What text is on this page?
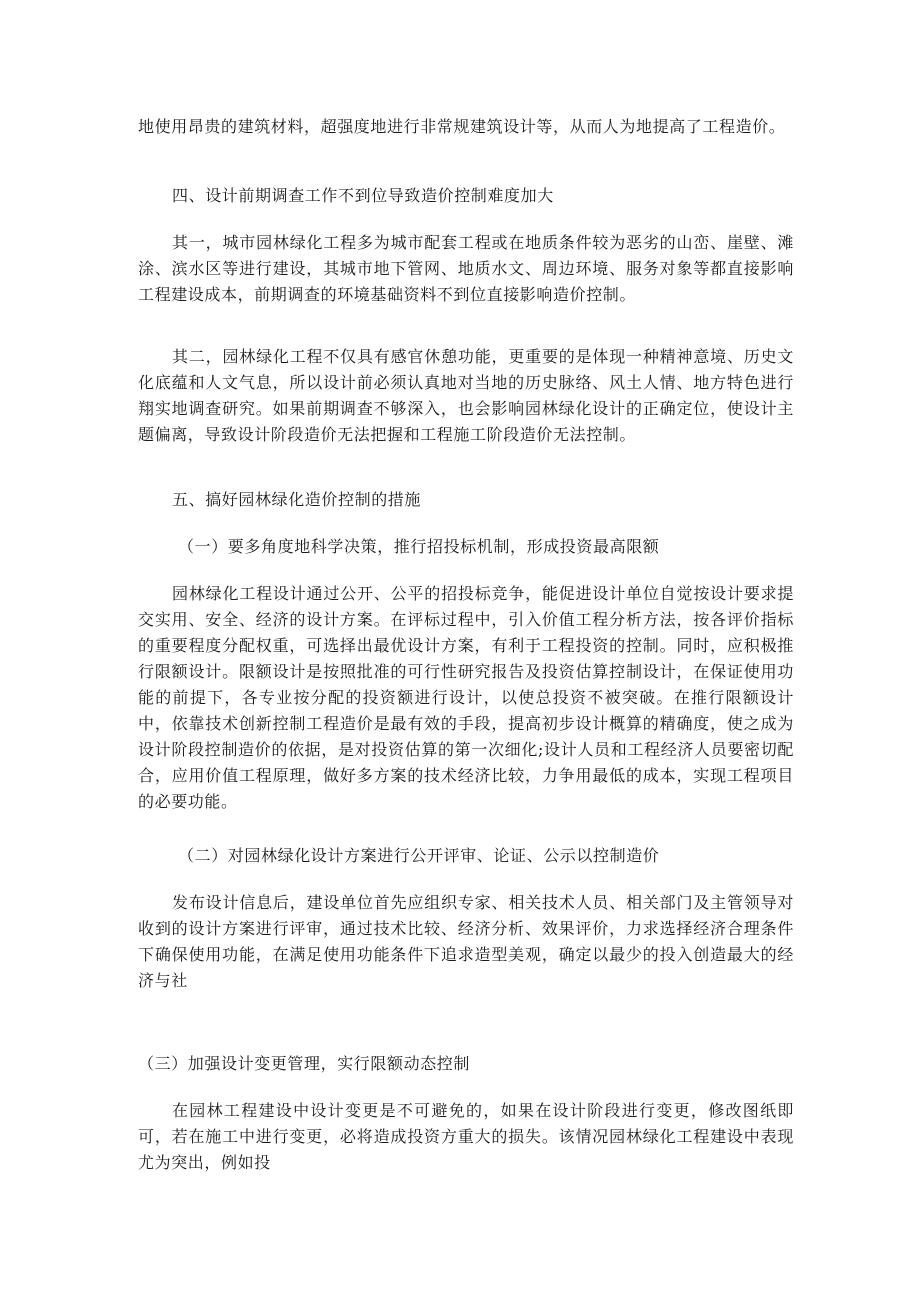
地使用昂贵的建筑材料，超强度地进行非常规建筑设计等，从而人为地提高了工程造价。

四、设计前期调查工作不到位导致造价控制难度加大

其一，城市园林绿化工程多为城市配套工程或在地质条件较为恶劣的山峦、崖壁、滩涂、滨水区等进行建设，其城市地下管网、地质水文、周边环境、服务对象等都直接影响工程建设成本，前期调查的环境基础资料不到位直接影响造价控制。

其二，园林绿化工程不仅具有感官休憩功能，更重要的是体现一种精神意境、历史文化底蕴和人文气息，所以设计前必须认真地对当地的历史脉络、风土人情、地方特色进行翔实地调查研究。如果前期调查不够深入，也会影响园林绿化设计的正确定位，使设计主题偏离，导致设计阶段造价无法把握和工程施工阶段造价无法控制。

五、搞好园林绿化造价控制的措施

（一）要多角度地科学决策，推行招投标机制，形成投资最高限额

园林绿化工程设计通过公开、公平的招投标竞争，能促进设计单位自觉按设计要求提交实用、安全、经济的设计方案。在评标过程中，引入价值工程分析方法，按各评价指标的重要程度分配权重，可选择出最优设计方案，有利于工程投资的控制。同时，应积极推行限额设计。限额设计是按照批准的可行性研究报告及投资估算控制设计，在保证使用功能的前提下，各专业按分配的投资额进行设计，以使总投资不被突破。在推行限额设计中，依靠技术创新控制工程造价是最有效的手段，提高初步设计概算的精确度，使之成为设计阶段控制造价的依据，是对投资估算的第一次细化;设计人员和工程经济人员要密切配合，应用价值工程原理，做好多方案的技术经济比较，力争用最低的成本，实现工程项目的必要功能。

（二）对园林绿化设计方案进行公开评审、论证、公示以控制造价

发布设计信息后，建设单位首先应组织专家、相关技术人员、相关部门及主管领导对收到的设计方案进行评审，通过技术比较、经济分析、效果评价，力求选择经济合理条件下确保使用功能，在满足使用功能条件下追求造型美观，确定以最少的投入创造最大的经济与社

（三）加强设计变更管理，实行限额动态控制

在园林工程建设中设计变更是不可避免的，如果在设计阶段进行变更，修改图纸即可，若在施工中进行变更，必将造成投资方重大的损失。该情况园林绿化工程建设中表现尤为突出，例如投
